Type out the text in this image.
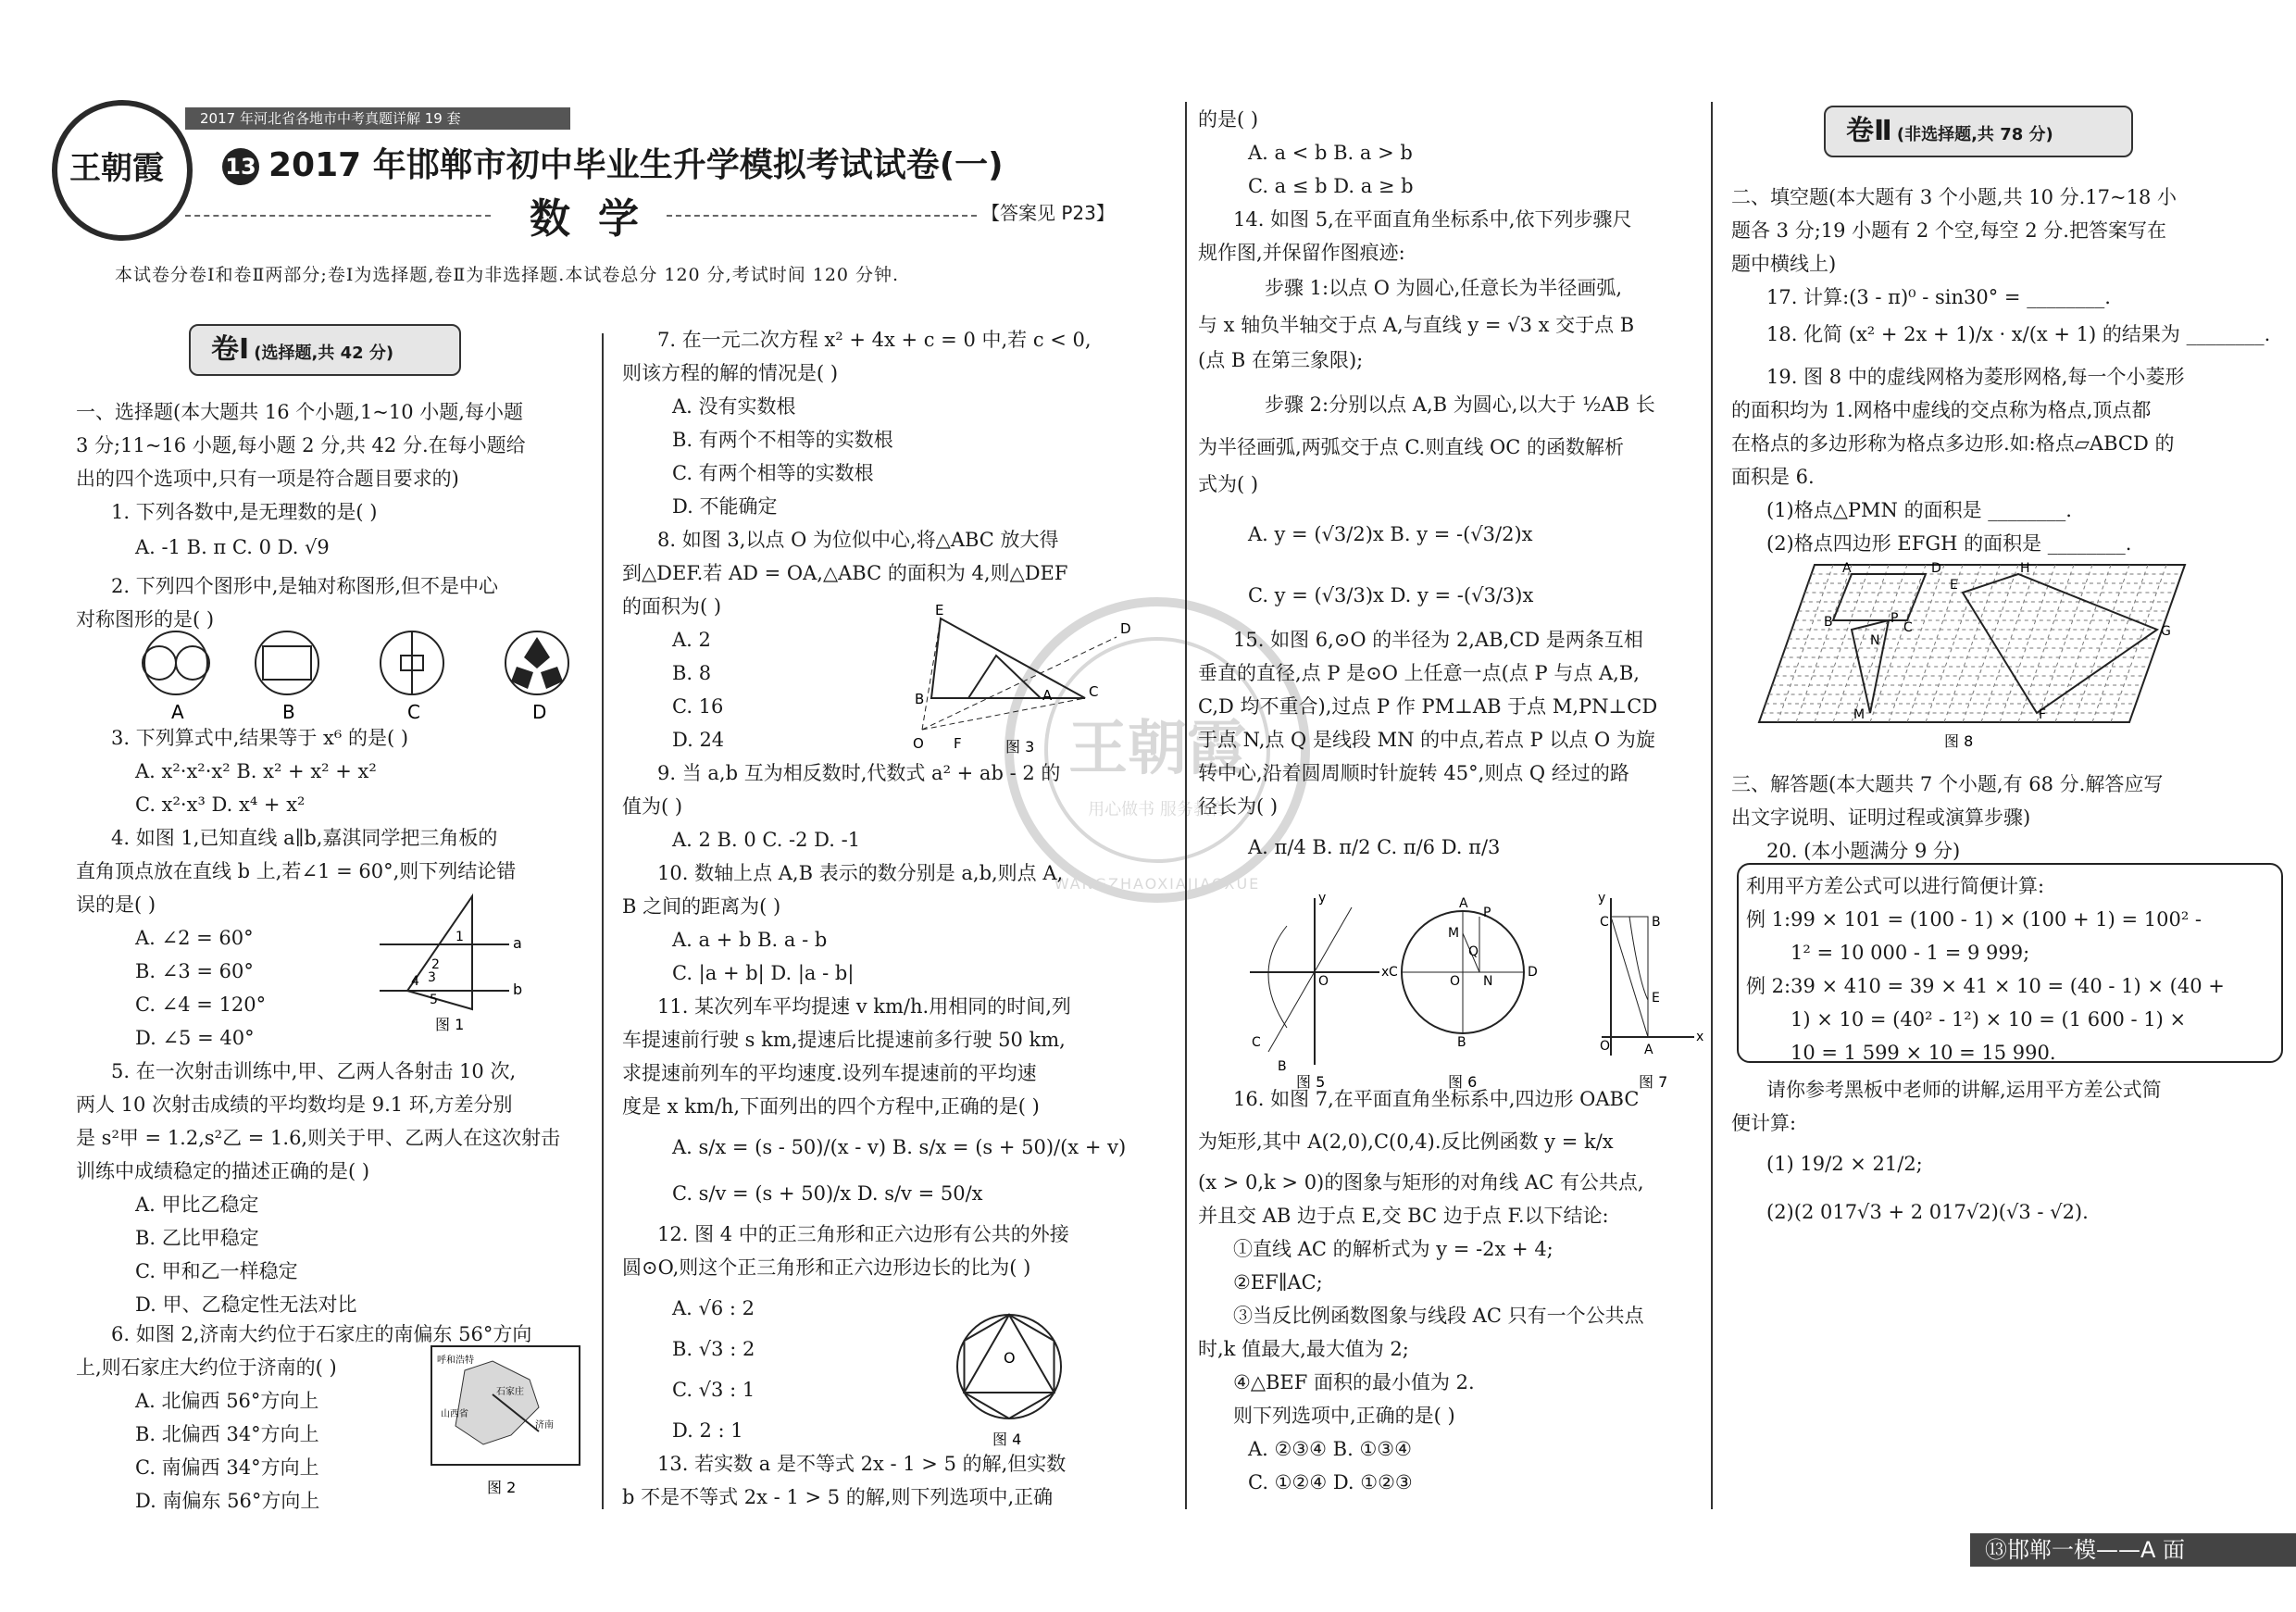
王朝霞
2017 年河北省各地市中考真题详解 19 套
13 2017 年邯郸市初中毕业生升学模拟考试试卷(一)
数学	【答案见 P23】
本试卷分卷Ⅰ和卷Ⅱ两部分;卷Ⅰ为选择题,卷Ⅱ为非选择题.本试卷总分 120 分,考试时间 120 分钟.
王朝霞
用心做书 服务教育
WANGZHAOXIAJIAOXUE
卷Ⅰ (选择题,共 42 分)
一、选择题(本大题共 16 个小题,1~10 小题,每小题
3 分;11~16 小题,每小题 2 分,共 42 分.在每小题给
出的四个选项中,只有一项是符合题目要求的)
1. 下列各数中,是无理数的是( )
A. -1 B. π C. 0 D. √9
2. 下列四个图形中,是轴对称图形,但不是中心
对称图形的是( )
3. 下列算式中,结果等于 x⁶ 的是( )
A. x²·x²·x² B. x² + x² + x²
C. x²·x³ D. x⁴ + x²
4. 如图 1,已知直线 a∥b,嘉淇同学把三角板的
直角顶点放在直线 b 上,若∠1 = 60°,则下列结论错
误的是( )
A. ∠2 = 60°
B. ∠3 = 60°
C. ∠4 = 120°
D. ∠5 = 40°
5. 在一次射击训练中,甲、乙两人各射击 10 次,
两人 10 次射击成绩的平均数均是 9.1 环,方差分别
是 s²甲 = 1.2,s²乙 = 1.6,则关于甲、乙两人在这次射击
训练中成绩稳定的描述正确的是( )
A. 甲比乙稳定
B. 乙比甲稳定
C. 甲和乙一样稳定
D. 甲、乙稳定性无法对比
6. 如图 2,济南大约位于石家庄的南偏东 56°方向
上,则石家庄大约位于济南的( )
A. 北偏西 56°方向上
B. 北偏西 34°方向上
C. 南偏西 34°方向上
D. 南偏东 56°方向上
A	B	C	D
a
b
1
2
3
4
5
图 1
呼和浩特
山西省
石家庄
济南
图 2
7. 在一元二次方程 x² + 4x + c = 0 中,若 c < 0,
则该方程的解的情况是( )
A. 没有实数根
B. 有两个不相等的实数根
C. 有两个相等的实数根
D. 不能确定
8. 如图 3,以点 O 为位似中心,将△ABC 放大得
到△DEF.若 AD = OA,△ABC 的面积为 4,则△DEF
的面积为( )
A. 2
B. 8
C. 16
D. 24
9. 当 a,b 互为相反数时,代数式 a² + ab - 2 的
值为( )
A. 2 B. 0 C. -2 D. -1
10. 数轴上点 A,B 表示的数分别是 a,b,则点 A,
B 之间的距离为( )
A. a + b B. a - b
C. |a + b| D. |a - b|
11. 某次列车平均提速 v km/h.用相同的时间,列
车提速前行驶 s km,提速后比提速前多行驶 50 km,
求提速前列车的平均速度.设列车提速前的平均速
度是 x km/h,下面列出的四个方程中,正确的是( )
A. s/x = (s - 50)/(x - v) B. s/x = (s + 50)/(x + v)
C. s/v = (s + 50)/x D. s/v = 50/x
12. 图 4 中的正三角形和正六边形有公共的外接
圆⊙O,则这个正三角形和正六边形边长的比为( )
A. √6 : 2
B. √3 : 2
C. √3 : 1
D. 2 : 1
13. 若实数 a 是不等式 2x - 1 > 5 的解,但实数
b 不是不等式 2x - 1 > 5 的解,则下列选项中,正确
E
B	A	C
D
O F	图 3
O
图 4
的是( )
A. a < b B. a > b
C. a ≤ b D. a ≥ b
14. 如图 5,在平面直角坐标系中,依下列步骤尺
规作图,并保留作图痕迹:
步骤 1:以点 O 为圆心,任意长为半径画弧,
与 x 轴负半轴交于点 A,与直线 y = √3 x 交于点 B
(点 B 在第三象限);
步骤 2:分别以点 A,B 为圆心,以大于 ½AB 长
为半径画弧,两弧交于点 C.则直线 OC 的函数解析
式为( )
A. y = (√3/2)x B. y = -(√3/2)x
C. y = (√3/3)x D. y = -(√3/3)x
15. 如图 6,⊙O 的半径为 2,AB,CD 是两条互相
垂直的直径,点 P 是⊙O 上任意一点(点 P 与点 A,B,
C,D 均不重合),过点 P 作 PM⊥AB 于点 M,PN⊥CD
于点 N,点 Q 是线段 MN 的中点,若点 P 以点 O 为旋
转中心,沿着圆周顺时针旋转 45°,则点 Q 经过的路
径长为( )
A. π/4 B. π/2 C. π/6 D. π/3
16. 如图 7,在平面直角坐标系中,四边形 OABC
为矩形,其中 A(2,0),C(0,4).反比例函数 y = k/x
(x > 0,k > 0)的图象与矩形的对角线 AC 有公共点,
并且交 AB 边于点 E,交 BC 边于点 F.以下结论:
①直线 AC 的解析式为 y = -2x + 4;
②EF∥AC;
③当反比例函数图象与线段 AC 只有一个公共点
时,k 值最大,最大值为 2;
④△BEF 面积的最小值为 2.
则下列选项中,正确的是( )
A. ②③④ B. ①③④
C. ①②④ D. ①②③
x
y
O
C
B
图 5
A
C	D
B
P
M
Q
N
O
图 6
x
y
C	B
E
O	A
图 7
卷Ⅱ (非选择题,共 78 分)
二、填空题(本大题有 3 个小题,共 10 分.17~18 小
题各 3 分;19 小题有 2 个空,每空 2 分.把答案写在
题中横线上)
17. 计算:(3 - π)⁰ - sin30° = ________.
18. 化简 (x² + 2x + 1)/x · x/(x + 1) 的结果为 ________.
19. 图 8 中的虚线网格为菱形网格,每一个小菱形
的面积均为 1.网格中虚线的交点称为格点,顶点都
在格点的多边形称为格点多边形.如:格点▱ABCD 的
面积是 6.
(1)格点△PMN 的面积是 ________.
(2)格点四边形 EFGH 的面积是 ________.
A
B	C
D
P
M
N
E
H
G
F
图 8
三、解答题(本大题共 7 个小题,有 68 分.解答应写
出文字说明、证明过程或演算步骤)
20. (本小题满分 9 分)
利用平方差公式可以进行简便计算:
例 1:99 × 101 = (100 - 1) × (100 + 1) = 100² -
1² = 10 000 - 1 = 9 999;
例 2:39 × 410 = 39 × 41 × 10 = (40 - 1) × (40 +
1) × 10 = (40² - 1²) × 10 = (1 600 - 1) ×
10 = 1 599 × 10 = 15 990.
请你参考黑板中老师的讲解,运用平方差公式简
便计算:
(1) 19/2 × 21/2;
(2)(2 017√3 + 2 017√2)(√3 - √2).
⑬邯郸一模——A 面
